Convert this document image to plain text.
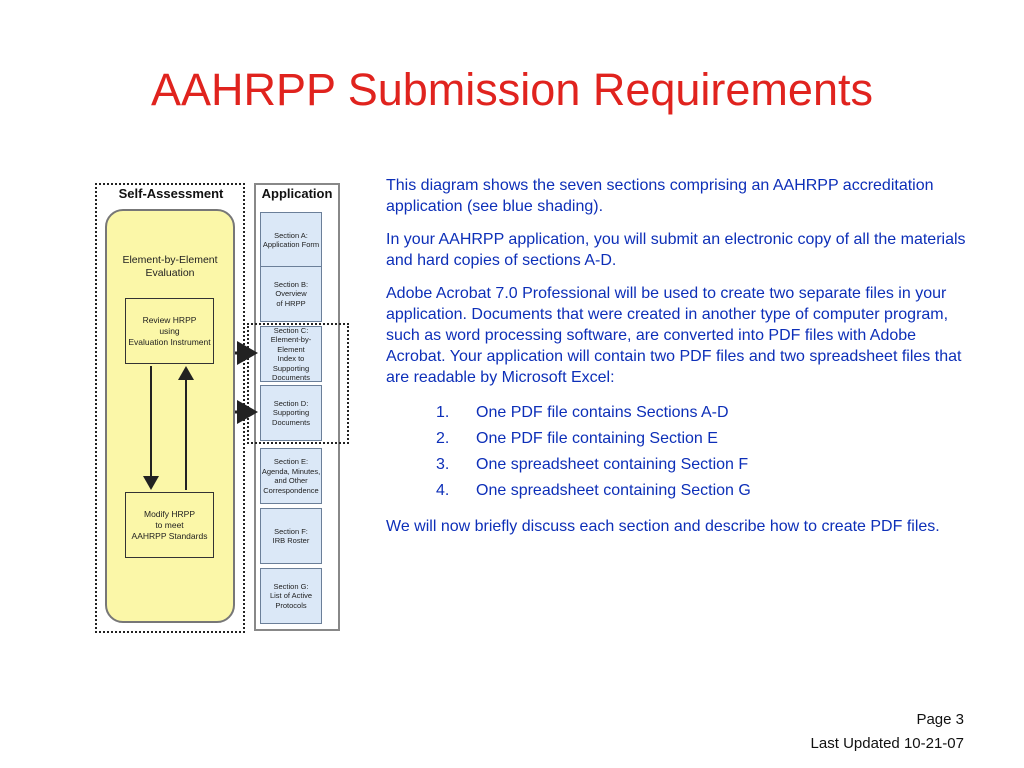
AAHRPP Submission Requirements
Self-Assessment
Element-by-Element
Evaluation
Review HRPP
using
Evaluation Instrument
Modify HRPP
to meet
AAHRPP Standards
Application
Section A:
Application Form
Section B:
Overview
of HRPP
Section C:
Element-by-Element
Index to Supporting
Documents
Section D:
Supporting
Documents
Section E:
Agenda, Minutes,
and Other
Correspondence
Section F:
IRB Roster
Section G:
List of Active
Protocols

This diagram shows the seven sections comprising an AAHRPP accreditation application (see blue shading).

In your AAHRPP application, you will submit an electronic copy of all the materials and hard copies of sections A-D.

Adobe Acrobat 7.0 Professional will be used to create two separate files in your application. Documents that were created in another type of computer program, such as word processing software, are converted into PDF files with Adobe Acrobat. Your application will contain two PDF files and two spreadsheet files that are readable by Microsoft Excel:

1. One PDF file contains Sections A-D
2. One PDF file containing Section E
3. One spreadsheet containing Section F
4. One spreadsheet containing Section G

We will now briefly discuss each section and describe how to create PDF files.

Page 3
Last Updated 10-21-07
